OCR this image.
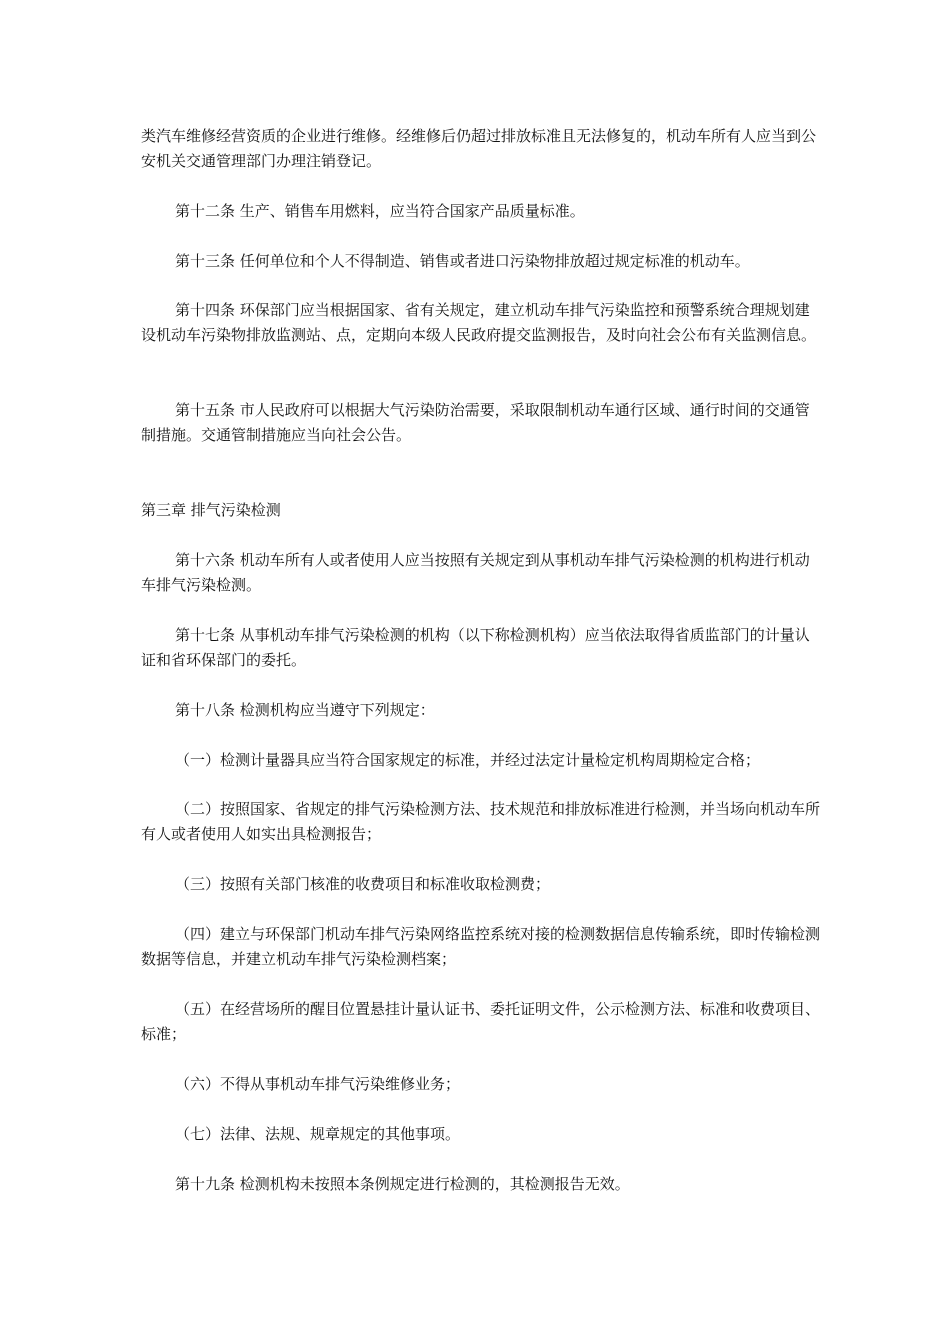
类汽车维修经营资质的企业进行维修。经维修后仍超过排放标准且无法修复的，机动车所有人应当到公安机关交通管理部门办理注销登记。

第十二条 生产、销售车用燃料，应当符合国家产品质量标准。

第十三条 任何单位和个人不得制造、销售或者进口污染物排放超过规定标准的机动车。

第十四条 环保部门应当根据国家、省有关规定，建立机动车排气污染监控和预警系统合理规划建设机动车污染物排放监测站、点，定期向本级人民政府提交监测报告，及时向社会公布有关监测信息。

第十五条 市人民政府可以根据大气污染防治需要，采取限制机动车通行区域、通行时间的交通管制措施。交通管制措施应当向社会公告。

第三章 排气污染检测

第十六条 机动车所有人或者使用人应当按照有关规定到从事机动车排气污染检测的机构进行机动车排气污染检测。

第十七条 从事机动车排气污染检测的机构（以下称检测机构）应当依法取得省质监部门的计量认证和省环保部门的委托。

第十八条 检测机构应当遵守下列规定：

（一）检测计量器具应当符合国家规定的标准，并经过法定计量检定机构周期检定合格；

（二）按照国家、省规定的排气污染检测方法、技术规范和排放标准进行检测，并当场向机动车所有人或者使用人如实出具检测报告；

（三）按照有关部门核准的收费项目和标准收取检测费；

（四）建立与环保部门机动车排气污染网络监控系统对接的检测数据信息传输系统，即时传输检测数据等信息，并建立机动车排气污染检测档案；

（五）在经营场所的醒目位置悬挂计量认证书、委托证明文件，公示检测方法、标准和收费项目、标准；

（六）不得从事机动车排气污染维修业务；

（七）法律、法规、规章规定的其他事项。

第十九条 检测机构未按照本条例规定进行检测的，其检测报告无效。
